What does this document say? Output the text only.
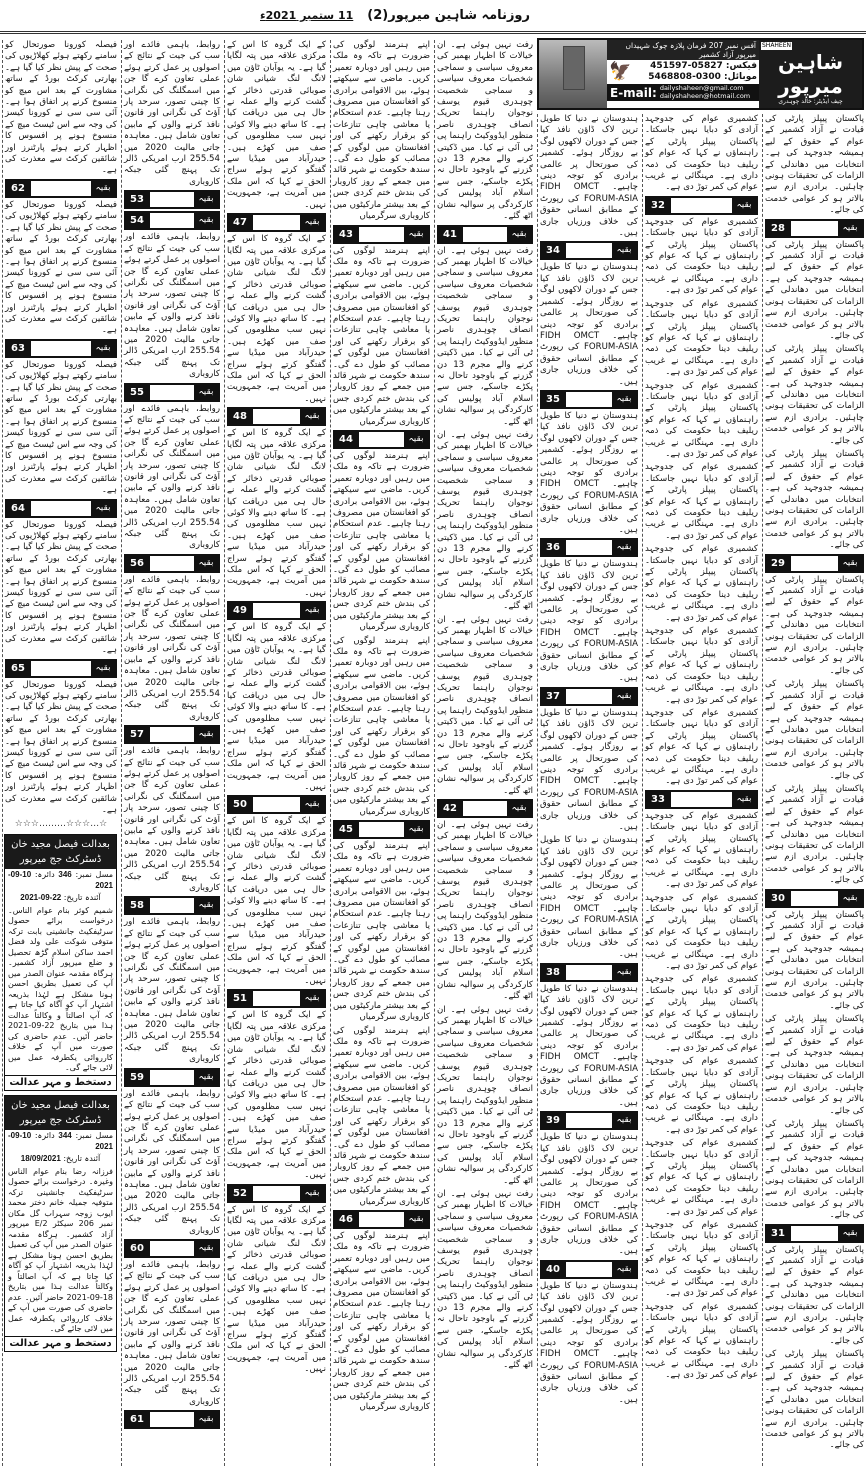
روزنامہ شاہین میرپور(2)
11 ستمبر 2021ء
آفس نمبر 207 فرمان پلازہ چوک شہیداں میرپور آزاد کشمیر
🦅	فیکس: 05827-451597
موبائل: 0300-5468808
E-mail: dailyshaheen@gmail.com
dailyshaheen@hotmail.com
SHAHEEN
شاہین میرپور
چیف ایڈیٹر: خالد چوہدری

فیصلہ کورونا صورتحال کو سامنے رکھتے ہوئے کھلاڑیوں کی صحت کے پیش نظر کیا گیا ہے۔ بھارتی کرکٹ بورڈ کے ساتھ مشاورت کے بعد اس میچ کو منسوخ کرنے پر اتفاق ہوا ہے۔ آئی سی سی نے کورونا کیسز کی وجہ سے اس ٹیسٹ میچ کے منسوخ ہونے پر افسوس کا اظہار کرتے ہوئے پارٹنرز اور شائقین کرکٹ سے معذرت کی ہے۔

62	بقیہ

فیصلہ کورونا صورتحال کو سامنے رکھتے ہوئے کھلاڑیوں کی صحت کے پیش نظر کیا گیا ہے۔ بھارتی کرکٹ بورڈ کے ساتھ مشاورت کے بعد اس میچ کو منسوخ کرنے پر اتفاق ہوا ہے۔ آئی سی سی نے کورونا کیسز کی وجہ سے اس ٹیسٹ میچ کے منسوخ ہونے پر افسوس کا اظہار کرتے ہوئے پارٹنرز اور شائقین کرکٹ سے معذرت کی ہے۔

63	بقیہ

فیصلہ کورونا صورتحال کو سامنے رکھتے ہوئے کھلاڑیوں کی صحت کے پیش نظر کیا گیا ہے۔ بھارتی کرکٹ بورڈ کے ساتھ مشاورت کے بعد اس میچ کو منسوخ کرنے پر اتفاق ہوا ہے۔ آئی سی سی نے کورونا کیسز کی وجہ سے اس ٹیسٹ میچ کے منسوخ ہونے پر افسوس کا اظہار کرتے ہوئے پارٹنرز اور شائقین کرکٹ سے معذرت کی ہے۔

64	بقیہ

فیصلہ کورونا صورتحال کو سامنے رکھتے ہوئے کھلاڑیوں کی صحت کے پیش نظر کیا گیا ہے۔ بھارتی کرکٹ بورڈ کے ساتھ مشاورت کے بعد اس میچ کو منسوخ کرنے پر اتفاق ہوا ہے۔ آئی سی سی نے کورونا کیسز کی وجہ سے اس ٹیسٹ میچ کے منسوخ ہونے پر افسوس کا اظہار کرتے ہوئے پارٹنرز اور شائقین کرکٹ سے معذرت کی ہے۔

65	بقیہ

فیصلہ کورونا صورتحال کو سامنے رکھتے ہوئے کھلاڑیوں کی صحت کے پیش نظر کیا گیا ہے۔ بھارتی کرکٹ بورڈ کے ساتھ مشاورت کے بعد اس میچ کو منسوخ کرنے پر اتفاق ہوا ہے۔ آئی سی سی نے کورونا کیسز کی وجہ سے اس ٹیسٹ میچ کے منسوخ ہونے پر افسوس کا اظہار کرتے ہوئے پارٹنرز اور شائقین کرکٹ سے معذرت کی ہے۔

☆…☆☆☆………☆☆☆
بعدالت فیصل مجید خان
ڈسٹرکٹ جج میرپور
مسل نمبر: 346 دائرہ: 10-09-2021
آئندہ تاریخ: 22-09-2021
شمیم کوثر بنام عوام الناس۔ درخواست برائے حصول سرٹیفکیٹ جانشینی بابت ترکہ متوفی شوکت علی ولد فضل احمد ساکن اسلام گڑھ تحصیل و ضلع میرپور آزاد کشمیر۔ ہرگاہ مقدمہ عنوان الصدر میں آپ کی تعمیل بطریق احسن ہونا مشکل ہے لہٰذا بذریعہ اشتہار آپ کو آگاہ کیا جاتا ہے کہ آپ اصالتاً و وکالتاً عدالت ہذا میں بتاریخ 22-09-2021 حاضر آئیں۔ عدم حاضری کی صورت میں آپ کے خلاف کارروائی یکطرفہ عمل میں لائی جائے گی۔
دستخط و مہر عدالت
بعدالت فیصل مجید خان
ڈسٹرکٹ جج میرپور
مسل نمبر: 344 دائرہ: 10-09-2021
آئندہ تاریخ: 18/09/2021
فرزانہ رضا بنام عوام الناس وغیرہ۔ درخواست برائے حصول سرٹیفکیٹ جانشینی ترکہ متوفیہ جمیلہ خانم دختر محمد ایوب زوجہ سہراب گل مکان نمبر 206 سیکٹر E/2 میرپور آزاد کشمیر۔ ہرگاہ مقدمہ عنوان الصدر میں آپ کی تعمیل بطریق احسن ہونا مشکل ہے لہٰذا بذریعہ اشتہار آپ کو آگاہ کیا جاتا ہے کہ آپ اصالتاً و وکالتاً عدالت ہذا میں بتاریخ 18-09-2021 حاضر آئیں۔ عدم حاضری کی صورت میں آپ کے خلاف کارروائی یکطرفہ عمل میں لائی جائے گی۔
دستخط و مہر عدالت

روابط، باہمی فائدے اور سب کی جیت کے نتائج کے اصولوں پر عمل کرتے ہوئے عملی تعاون کرے گا جن میں اسمگلنگ کی نگرانی کا چینی تصور، سرحد پار آؤٹ کی نگرانی اور قانون نافذ کرنے والوں کے مابین تعاون شامل ہیں۔ معاہدہ جاتی مالیت 2020 میں 255.54 ارب امریکی ڈالر تک پہنچ گئی جبکہ کاروباری

53	بقیہ
54	بقیہ

روابط، باہمی فائدے اور سب کی جیت کے نتائج کے اصولوں پر عمل کرتے ہوئے عملی تعاون کرے گا جن میں اسمگلنگ کی نگرانی کا چینی تصور، سرحد پار آؤٹ کی نگرانی اور قانون نافذ کرنے والوں کے مابین تعاون شامل ہیں۔ معاہدہ جاتی مالیت 2020 میں 255.54 ارب امریکی ڈالر تک پہنچ گئی جبکہ کاروباری

55	بقیہ

روابط، باہمی فائدے اور سب کی جیت کے نتائج کے اصولوں پر عمل کرتے ہوئے عملی تعاون کرے گا جن میں اسمگلنگ کی نگرانی کا چینی تصور، سرحد پار آؤٹ کی نگرانی اور قانون نافذ کرنے والوں کے مابین تعاون شامل ہیں۔ معاہدہ جاتی مالیت 2020 میں 255.54 ارب امریکی ڈالر تک پہنچ گئی جبکہ کاروباری

56	بقیہ

روابط، باہمی فائدے اور سب کی جیت کے نتائج کے اصولوں پر عمل کرتے ہوئے عملی تعاون کرے گا جن میں اسمگلنگ کی نگرانی کا چینی تصور، سرحد پار آؤٹ کی نگرانی اور قانون نافذ کرنے والوں کے مابین تعاون شامل ہیں۔ معاہدہ جاتی مالیت 2020 میں 255.54 ارب امریکی ڈالر تک پہنچ گئی جبکہ کاروباری

57	بقیہ

روابط، باہمی فائدے اور سب کی جیت کے نتائج کے اصولوں پر عمل کرتے ہوئے عملی تعاون کرے گا جن میں اسمگلنگ کی نگرانی کا چینی تصور، سرحد پار آؤٹ کی نگرانی اور قانون نافذ کرنے والوں کے مابین تعاون شامل ہیں۔ معاہدہ جاتی مالیت 2020 میں 255.54 ارب امریکی ڈالر تک پہنچ گئی جبکہ کاروباری

58	بقیہ

روابط، باہمی فائدے اور سب کی جیت کے نتائج کے اصولوں پر عمل کرتے ہوئے عملی تعاون کرے گا جن میں اسمگلنگ کی نگرانی کا چینی تصور، سرحد پار آؤٹ کی نگرانی اور قانون نافذ کرنے والوں کے مابین تعاون شامل ہیں۔ معاہدہ جاتی مالیت 2020 میں 255.54 ارب امریکی ڈالر تک پہنچ گئی جبکہ کاروباری

59	بقیہ

روابط، باہمی فائدے اور سب کی جیت کے نتائج کے اصولوں پر عمل کرتے ہوئے عملی تعاون کرے گا جن میں اسمگلنگ کی نگرانی کا چینی تصور، سرحد پار آؤٹ کی نگرانی اور قانون نافذ کرنے والوں کے مابین تعاون شامل ہیں۔ معاہدہ جاتی مالیت 2020 میں 255.54 ارب امریکی ڈالر تک پہنچ گئی جبکہ کاروباری

60	بقیہ

روابط، باہمی فائدے اور سب کی جیت کے نتائج کے اصولوں پر عمل کرتے ہوئے عملی تعاون کرے گا جن میں اسمگلنگ کی نگرانی کا چینی تصور، سرحد پار آؤٹ کی نگرانی اور قانون نافذ کرنے والوں کے مابین تعاون شامل ہیں۔ معاہدہ جاتی مالیت 2020 میں 255.54 ارب امریکی ڈالر تک پہنچ گئی جبکہ کاروباری

61	بقیہ

کے ایک گروہ کا اس کے مرکزی علاقہ میں پتہ لگایا گیا ہے۔ یہ یوآبان ٹاؤن میں لانگ لنگ شیانی شان صوبائی قدرتی ذخائر کے گشت کرنے والے عملہ نے حال ہی میں دریافت کیا ہے۔ کا ساتھ دینے والا کوئی نہیں سب مظلوموں کی صف میں کھڑے ہیں۔ حیدرآباد میں میڈیا سے گفتگو کرتے ہوئے سراج الحق نے کہا کہ اس ملک میں آمریت ہے، جمہوریت نہیں۔

47	بقیہ

کے ایک گروہ کا اس کے مرکزی علاقہ میں پتہ لگایا گیا ہے۔ یہ یوآبان ٹاؤن میں لانگ لنگ شیانی شان صوبائی قدرتی ذخائر کے گشت کرنے والے عملہ نے حال ہی میں دریافت کیا ہے۔ کا ساتھ دینے والا کوئی نہیں سب مظلوموں کی صف میں کھڑے ہیں۔ حیدرآباد میں میڈیا سے گفتگو کرتے ہوئے سراج الحق نے کہا کہ اس ملک میں آمریت ہے، جمہوریت نہیں۔

48	بقیہ

کے ایک گروہ کا اس کے مرکزی علاقہ میں پتہ لگایا گیا ہے۔ یہ یوآبان ٹاؤن میں لانگ لنگ شیانی شان صوبائی قدرتی ذخائر کے گشت کرنے والے عملہ نے حال ہی میں دریافت کیا ہے۔ کا ساتھ دینے والا کوئی نہیں سب مظلوموں کی صف میں کھڑے ہیں۔ حیدرآباد میں میڈیا سے گفتگو کرتے ہوئے سراج الحق نے کہا کہ اس ملک میں آمریت ہے، جمہوریت نہیں۔

49	بقیہ

کے ایک گروہ کا اس کے مرکزی علاقہ میں پتہ لگایا گیا ہے۔ یہ یوآبان ٹاؤن میں لانگ لنگ شیانی شان صوبائی قدرتی ذخائر کے گشت کرنے والے عملہ نے حال ہی میں دریافت کیا ہے۔ کا ساتھ دینے والا کوئی نہیں سب مظلوموں کی صف میں کھڑے ہیں۔ حیدرآباد میں میڈیا سے گفتگو کرتے ہوئے سراج الحق نے کہا کہ اس ملک میں آمریت ہے، جمہوریت نہیں۔

50	بقیہ

کے ایک گروہ کا اس کے مرکزی علاقہ میں پتہ لگایا گیا ہے۔ یہ یوآبان ٹاؤن میں لانگ لنگ شیانی شان صوبائی قدرتی ذخائر کے گشت کرنے والے عملہ نے حال ہی میں دریافت کیا ہے۔ کا ساتھ دینے والا کوئی نہیں سب مظلوموں کی صف میں کھڑے ہیں۔ حیدرآباد میں میڈیا سے گفتگو کرتے ہوئے سراج الحق نے کہا کہ اس ملک میں آمریت ہے، جمہوریت نہیں۔

51	بقیہ

کے ایک گروہ کا اس کے مرکزی علاقہ میں پتہ لگایا گیا ہے۔ یہ یوآبان ٹاؤن میں لانگ لنگ شیانی شان صوبائی قدرتی ذخائر کے گشت کرنے والے عملہ نے حال ہی میں دریافت کیا ہے۔ کا ساتھ دینے والا کوئی نہیں سب مظلوموں کی صف میں کھڑے ہیں۔ حیدرآباد میں میڈیا سے گفتگو کرتے ہوئے سراج الحق نے کہا کہ اس ملک میں آمریت ہے، جمہوریت نہیں۔

52	بقیہ

کے ایک گروہ کا اس کے مرکزی علاقہ میں پتہ لگایا گیا ہے۔ یہ یوآبان ٹاؤن میں لانگ لنگ شیانی شان صوبائی قدرتی ذخائر کے گشت کرنے والے عملہ نے حال ہی میں دریافت کیا ہے۔ کا ساتھ دینے والا کوئی نہیں سب مظلوموں کی صف میں کھڑے ہیں۔ حیدرآباد میں میڈیا سے گفتگو کرتے ہوئے سراج الحق نے کہا کہ اس ملک میں آمریت ہے، جمہوریت نہیں۔

اپنے ہنرمند لوگوں کی ضرورت ہے تاکہ وہ ملک میں رہیں اور دوبارہ تعمیر کریں۔ ماضی سے سیکھتے ہوئے، بین الاقوامی برادری کو افغانستان میں مصروف رہنا چاہیے۔ عدم استحکام یا معاشی چاہی تنازعات کو برقرار رکھنے کی اور افغانستان میں لوگوں کے مصائب کو طول دے گی۔ سندھ حکومت نے شہر قائد میں جمعے کے روز کاروبار کی بندش ختم کردی جس کے بعد بیشتر مارکیٹوں میں کاروباری سرگرمیاں

43	بقیہ

اپنے ہنرمند لوگوں کی ضرورت ہے تاکہ وہ ملک میں رہیں اور دوبارہ تعمیر کریں۔ ماضی سے سیکھتے ہوئے، بین الاقوامی برادری کو افغانستان میں مصروف رہنا چاہیے۔ عدم استحکام یا معاشی چاہی تنازعات کو برقرار رکھنے کی اور افغانستان میں لوگوں کے مصائب کو طول دے گی۔ سندھ حکومت نے شہر قائد میں جمعے کے روز کاروبار کی بندش ختم کردی جس کے بعد بیشتر مارکیٹوں میں کاروباری سرگرمیاں

44	بقیہ

اپنے ہنرمند لوگوں کی ضرورت ہے تاکہ وہ ملک میں رہیں اور دوبارہ تعمیر کریں۔ ماضی سے سیکھتے ہوئے، بین الاقوامی برادری کو افغانستان میں مصروف رہنا چاہیے۔ عدم استحکام یا معاشی چاہی تنازعات کو برقرار رکھنے کی اور افغانستان میں لوگوں کے مصائب کو طول دے گی۔ سندھ حکومت نے شہر قائد میں جمعے کے روز کاروبار کی بندش ختم کردی جس کے بعد بیشتر مارکیٹوں میں کاروباری سرگرمیاں

اپنے ہنرمند لوگوں کی ضرورت ہے تاکہ وہ ملک میں رہیں اور دوبارہ تعمیر کریں۔ ماضی سے سیکھتے ہوئے، بین الاقوامی برادری کو افغانستان میں مصروف رہنا چاہیے۔ عدم استحکام یا معاشی چاہی تنازعات کو برقرار رکھنے کی اور افغانستان میں لوگوں کے مصائب کو طول دے گی۔ سندھ حکومت نے شہر قائد میں جمعے کے روز کاروبار کی بندش ختم کردی جس کے بعد بیشتر مارکیٹوں میں کاروباری سرگرمیاں

45	بقیہ

اپنے ہنرمند لوگوں کی ضرورت ہے تاکہ وہ ملک میں رہیں اور دوبارہ تعمیر کریں۔ ماضی سے سیکھتے ہوئے، بین الاقوامی برادری کو افغانستان میں مصروف رہنا چاہیے۔ عدم استحکام یا معاشی چاہی تنازعات کو برقرار رکھنے کی اور افغانستان میں لوگوں کے مصائب کو طول دے گی۔ سندھ حکومت نے شہر قائد میں جمعے کے روز کاروبار کی بندش ختم کردی جس کے بعد بیشتر مارکیٹوں میں کاروباری سرگرمیاں

اپنے ہنرمند لوگوں کی ضرورت ہے تاکہ وہ ملک میں رہیں اور دوبارہ تعمیر کریں۔ ماضی سے سیکھتے ہوئے، بین الاقوامی برادری کو افغانستان میں مصروف رہنا چاہیے۔ عدم استحکام یا معاشی چاہی تنازعات کو برقرار رکھنے کی اور افغانستان میں لوگوں کے مصائب کو طول دے گی۔ سندھ حکومت نے شہر قائد میں جمعے کے روز کاروبار کی بندش ختم کردی جس کے بعد بیشتر مارکیٹوں میں کاروباری سرگرمیاں

46	بقیہ

اپنے ہنرمند لوگوں کی ضرورت ہے تاکہ وہ ملک میں رہیں اور دوبارہ تعمیر کریں۔ ماضی سے سیکھتے ہوئے، بین الاقوامی برادری کو افغانستان میں مصروف رہنا چاہیے۔ عدم استحکام یا معاشی چاہی تنازعات کو برقرار رکھنے کی اور افغانستان میں لوگوں کے مصائب کو طول دے گی۔ سندھ حکومت نے شہر قائد میں جمعے کے روز کاروبار کی بندش ختم کردی جس کے بعد بیشتر مارکیٹوں میں کاروباری سرگرمیاں

رفت نہیں ہوئی ہے۔ ان خیالات کا اظہار بھمبر کی معروف سیاسی و سماجی شخصیات معروف سیاسی و سماجی شخصیت چوہدری قیوم یوسف نوجوان راہنما تحریک انصاف چوہدری ناصر منظور ایڈووکیٹ راہنما پی ٹی آئی نے کیا۔ میں ڈکیتی کرنے والے مجرم 13 دن گزرنے کے باوجود تاحال نہ پکڑے جاسکے، جس سے اسلام آباد پولیس کی کارکردگی پر سوالیہ نشان اٹھ گئے۔

41	بقیہ

رفت نہیں ہوئی ہے۔ ان خیالات کا اظہار بھمبر کی معروف سیاسی و سماجی شخصیات معروف سیاسی و سماجی شخصیت چوہدری قیوم یوسف نوجوان راہنما تحریک انصاف چوہدری ناصر منظور ایڈووکیٹ راہنما پی ٹی آئی نے کیا۔ میں ڈکیتی کرنے والے مجرم 13 دن گزرنے کے باوجود تاحال نہ پکڑے جاسکے، جس سے اسلام آباد پولیس کی کارکردگی پر سوالیہ نشان اٹھ گئے۔

رفت نہیں ہوئی ہے۔ ان خیالات کا اظہار بھمبر کی معروف سیاسی و سماجی شخصیات معروف سیاسی و سماجی شخصیت چوہدری قیوم یوسف نوجوان راہنما تحریک انصاف چوہدری ناصر منظور ایڈووکیٹ راہنما پی ٹی آئی نے کیا۔ میں ڈکیتی کرنے والے مجرم 13 دن گزرنے کے باوجود تاحال نہ پکڑے جاسکے، جس سے اسلام آباد پولیس کی کارکردگی پر سوالیہ نشان اٹھ گئے۔

رفت نہیں ہوئی ہے۔ ان خیالات کا اظہار بھمبر کی معروف سیاسی و سماجی شخصیات معروف سیاسی و سماجی شخصیت چوہدری قیوم یوسف نوجوان راہنما تحریک انصاف چوہدری ناصر منظور ایڈووکیٹ راہنما پی ٹی آئی نے کیا۔ میں ڈکیتی کرنے والے مجرم 13 دن گزرنے کے باوجود تاحال نہ پکڑے جاسکے، جس سے اسلام آباد پولیس کی کارکردگی پر سوالیہ نشان اٹھ گئے۔

42	بقیہ

رفت نہیں ہوئی ہے۔ ان خیالات کا اظہار بھمبر کی معروف سیاسی و سماجی شخصیات معروف سیاسی و سماجی شخصیت چوہدری قیوم یوسف نوجوان راہنما تحریک انصاف چوہدری ناصر منظور ایڈووکیٹ راہنما پی ٹی آئی نے کیا۔ میں ڈکیتی کرنے والے مجرم 13 دن گزرنے کے باوجود تاحال نہ پکڑے جاسکے، جس سے اسلام آباد پولیس کی کارکردگی پر سوالیہ نشان اٹھ گئے۔

رفت نہیں ہوئی ہے۔ ان خیالات کا اظہار بھمبر کی معروف سیاسی و سماجی شخصیات معروف سیاسی و سماجی شخصیت چوہدری قیوم یوسف نوجوان راہنما تحریک انصاف چوہدری ناصر منظور ایڈووکیٹ راہنما پی ٹی آئی نے کیا۔ میں ڈکیتی کرنے والے مجرم 13 دن گزرنے کے باوجود تاحال نہ پکڑے جاسکے، جس سے اسلام آباد پولیس کی کارکردگی پر سوالیہ نشان اٹھ گئے۔

رفت نہیں ہوئی ہے۔ ان خیالات کا اظہار بھمبر کی معروف سیاسی و سماجی شخصیات معروف سیاسی و سماجی شخصیت چوہدری قیوم یوسف نوجوان راہنما تحریک انصاف چوہدری ناصر منظور ایڈووکیٹ راہنما پی ٹی آئی نے کیا۔ میں ڈکیتی کرنے والے مجرم 13 دن گزرنے کے باوجود تاحال نہ پکڑے جاسکے، جس سے اسلام آباد پولیس کی کارکردگی پر سوالیہ نشان اٹھ گئے۔

ہندوستان نے دنیا کا طویل ترین لاک ڈاؤن نافذ کیا جس کے دوران لاکھوں لوگ بے روزگار ہوئے۔ کشمیر کی صورتحال پر عالمی برادری کو توجہ دینی چاہیے۔ FIDH OMCT FORUM-ASIA کی رپورٹ کے مطابق انسانی حقوق کی خلاف ورزیاں جاری ہیں۔

34	بقیہ

ہندوستان نے دنیا کا طویل ترین لاک ڈاؤن نافذ کیا جس کے دوران لاکھوں لوگ بے روزگار ہوئے۔ کشمیر کی صورتحال پر عالمی برادری کو توجہ دینی چاہیے۔ FIDH OMCT FORUM-ASIA کی رپورٹ کے مطابق انسانی حقوق کی خلاف ورزیاں جاری ہیں۔

35	بقیہ

ہندوستان نے دنیا کا طویل ترین لاک ڈاؤن نافذ کیا جس کے دوران لاکھوں لوگ بے روزگار ہوئے۔ کشمیر کی صورتحال پر عالمی برادری کو توجہ دینی چاہیے۔ FIDH OMCT FORUM-ASIA کی رپورٹ کے مطابق انسانی حقوق کی خلاف ورزیاں جاری ہیں۔

36	بقیہ

ہندوستان نے دنیا کا طویل ترین لاک ڈاؤن نافذ کیا جس کے دوران لاکھوں لوگ بے روزگار ہوئے۔ کشمیر کی صورتحال پر عالمی برادری کو توجہ دینی چاہیے۔ FIDH OMCT FORUM-ASIA کی رپورٹ کے مطابق انسانی حقوق کی خلاف ورزیاں جاری ہیں۔

37	بقیہ

ہندوستان نے دنیا کا طویل ترین لاک ڈاؤن نافذ کیا جس کے دوران لاکھوں لوگ بے روزگار ہوئے۔ کشمیر کی صورتحال پر عالمی برادری کو توجہ دینی چاہیے۔ FIDH OMCT FORUM-ASIA کی رپورٹ کے مطابق انسانی حقوق کی خلاف ورزیاں جاری ہیں۔

ہندوستان نے دنیا کا طویل ترین لاک ڈاؤن نافذ کیا جس کے دوران لاکھوں لوگ بے روزگار ہوئے۔ کشمیر کی صورتحال پر عالمی برادری کو توجہ دینی چاہیے۔ FIDH OMCT FORUM-ASIA کی رپورٹ کے مطابق انسانی حقوق کی خلاف ورزیاں جاری ہیں۔

38	بقیہ

ہندوستان نے دنیا کا طویل ترین لاک ڈاؤن نافذ کیا جس کے دوران لاکھوں لوگ بے روزگار ہوئے۔ کشمیر کی صورتحال پر عالمی برادری کو توجہ دینی چاہیے۔ FIDH OMCT FORUM-ASIA کی رپورٹ کے مطابق انسانی حقوق کی خلاف ورزیاں جاری ہیں۔

39	بقیہ

ہندوستان نے دنیا کا طویل ترین لاک ڈاؤن نافذ کیا جس کے دوران لاکھوں لوگ بے روزگار ہوئے۔ کشمیر کی صورتحال پر عالمی برادری کو توجہ دینی چاہیے۔ FIDH OMCT FORUM-ASIA کی رپورٹ کے مطابق انسانی حقوق کی خلاف ورزیاں جاری ہیں۔

40	بقیہ

ہندوستان نے دنیا کا طویل ترین لاک ڈاؤن نافذ کیا جس کے دوران لاکھوں لوگ بے روزگار ہوئے۔ کشمیر کی صورتحال پر عالمی برادری کو توجہ دینی چاہیے۔ FIDH OMCT FORUM-ASIA کی رپورٹ کے مطابق انسانی حقوق کی خلاف ورزیاں جاری ہیں۔

کشمیری عوام کی جدوجہد آزادی کو دبایا نہیں جاسکتا۔ پاکستان پیپلز پارٹی کے راہنماؤں نے کہا کہ عوام کو ریلیف دینا حکومت کی ذمہ داری ہے۔ مہنگائی نے غریب عوام کی کمر توڑ دی ہے۔

32	بقیہ

کشمیری عوام کی جدوجہد آزادی کو دبایا نہیں جاسکتا۔ پاکستان پیپلز پارٹی کے راہنماؤں نے کہا کہ عوام کو ریلیف دینا حکومت کی ذمہ داری ہے۔ مہنگائی نے غریب عوام کی کمر توڑ دی ہے۔

کشمیری عوام کی جدوجہد آزادی کو دبایا نہیں جاسکتا۔ پاکستان پیپلز پارٹی کے راہنماؤں نے کہا کہ عوام کو ریلیف دینا حکومت کی ذمہ داری ہے۔ مہنگائی نے غریب عوام کی کمر توڑ دی ہے۔

کشمیری عوام کی جدوجہد آزادی کو دبایا نہیں جاسکتا۔ پاکستان پیپلز پارٹی کے راہنماؤں نے کہا کہ عوام کو ریلیف دینا حکومت کی ذمہ داری ہے۔ مہنگائی نے غریب عوام کی کمر توڑ دی ہے۔

کشمیری عوام کی جدوجہد آزادی کو دبایا نہیں جاسکتا۔ پاکستان پیپلز پارٹی کے راہنماؤں نے کہا کہ عوام کو ریلیف دینا حکومت کی ذمہ داری ہے۔ مہنگائی نے غریب عوام کی کمر توڑ دی ہے۔

کشمیری عوام کی جدوجہد آزادی کو دبایا نہیں جاسکتا۔ پاکستان پیپلز پارٹی کے راہنماؤں نے کہا کہ عوام کو ریلیف دینا حکومت کی ذمہ داری ہے۔ مہنگائی نے غریب عوام کی کمر توڑ دی ہے۔

کشمیری عوام کی جدوجہد آزادی کو دبایا نہیں جاسکتا۔ پاکستان پیپلز پارٹی کے راہنماؤں نے کہا کہ عوام کو ریلیف دینا حکومت کی ذمہ داری ہے۔ مہنگائی نے غریب عوام کی کمر توڑ دی ہے۔

کشمیری عوام کی جدوجہد آزادی کو دبایا نہیں جاسکتا۔ پاکستان پیپلز پارٹی کے راہنماؤں نے کہا کہ عوام کو ریلیف دینا حکومت کی ذمہ داری ہے۔ مہنگائی نے غریب عوام کی کمر توڑ دی ہے۔

33	بقیہ

کشمیری عوام کی جدوجہد آزادی کو دبایا نہیں جاسکتا۔ پاکستان پیپلز پارٹی کے راہنماؤں نے کہا کہ عوام کو ریلیف دینا حکومت کی ذمہ داری ہے۔ مہنگائی نے غریب عوام کی کمر توڑ دی ہے۔

کشمیری عوام کی جدوجہد آزادی کو دبایا نہیں جاسکتا۔ پاکستان پیپلز پارٹی کے راہنماؤں نے کہا کہ عوام کو ریلیف دینا حکومت کی ذمہ داری ہے۔ مہنگائی نے غریب عوام کی کمر توڑ دی ہے۔

کشمیری عوام کی جدوجہد آزادی کو دبایا نہیں جاسکتا۔ پاکستان پیپلز پارٹی کے راہنماؤں نے کہا کہ عوام کو ریلیف دینا حکومت کی ذمہ داری ہے۔ مہنگائی نے غریب عوام کی کمر توڑ دی ہے۔

کشمیری عوام کی جدوجہد آزادی کو دبایا نہیں جاسکتا۔ پاکستان پیپلز پارٹی کے راہنماؤں نے کہا کہ عوام کو ریلیف دینا حکومت کی ذمہ داری ہے۔ مہنگائی نے غریب عوام کی کمر توڑ دی ہے۔

کشمیری عوام کی جدوجہد آزادی کو دبایا نہیں جاسکتا۔ پاکستان پیپلز پارٹی کے راہنماؤں نے کہا کہ عوام کو ریلیف دینا حکومت کی ذمہ داری ہے۔ مہنگائی نے غریب عوام کی کمر توڑ دی ہے۔

کشمیری عوام کی جدوجہد آزادی کو دبایا نہیں جاسکتا۔ پاکستان پیپلز پارٹی کے راہنماؤں نے کہا کہ عوام کو ریلیف دینا حکومت کی ذمہ داری ہے۔ مہنگائی نے غریب عوام کی کمر توڑ دی ہے۔

کشمیری عوام کی جدوجہد آزادی کو دبایا نہیں جاسکتا۔ پاکستان پیپلز پارٹی کے راہنماؤں نے کہا کہ عوام کو ریلیف دینا حکومت کی ذمہ داری ہے۔ مہنگائی نے غریب عوام کی کمر توڑ دی ہے۔

پاکستان پیپلز پارٹی کی قیادت نے آزاد کشمیر کے عوام کے حقوق کے لیے ہمیشہ جدوجہد کی ہے۔ انتخابات میں دھاندلی کے الزامات کی تحقیقات ہونی چاہئیں۔ برادری ازم سے بالاتر ہو کر عوامی خدمت کی جائے۔

28	بقیہ

پاکستان پیپلز پارٹی کی قیادت نے آزاد کشمیر کے عوام کے حقوق کے لیے ہمیشہ جدوجہد کی ہے۔ انتخابات میں دھاندلی کے الزامات کی تحقیقات ہونی چاہئیں۔ برادری ازم سے بالاتر ہو کر عوامی خدمت کی جائے۔

پاکستان پیپلز پارٹی کی قیادت نے آزاد کشمیر کے عوام کے حقوق کے لیے ہمیشہ جدوجہد کی ہے۔ انتخابات میں دھاندلی کے الزامات کی تحقیقات ہونی چاہئیں۔ برادری ازم سے بالاتر ہو کر عوامی خدمت کی جائے۔

پاکستان پیپلز پارٹی کی قیادت نے آزاد کشمیر کے عوام کے حقوق کے لیے ہمیشہ جدوجہد کی ہے۔ انتخابات میں دھاندلی کے الزامات کی تحقیقات ہونی چاہئیں۔ برادری ازم سے بالاتر ہو کر عوامی خدمت کی جائے۔

29	بقیہ

پاکستان پیپلز پارٹی کی قیادت نے آزاد کشمیر کے عوام کے حقوق کے لیے ہمیشہ جدوجہد کی ہے۔ انتخابات میں دھاندلی کے الزامات کی تحقیقات ہونی چاہئیں۔ برادری ازم سے بالاتر ہو کر عوامی خدمت کی جائے۔

پاکستان پیپلز پارٹی کی قیادت نے آزاد کشمیر کے عوام کے حقوق کے لیے ہمیشہ جدوجہد کی ہے۔ انتخابات میں دھاندلی کے الزامات کی تحقیقات ہونی چاہئیں۔ برادری ازم سے بالاتر ہو کر عوامی خدمت کی جائے۔

پاکستان پیپلز پارٹی کی قیادت نے آزاد کشمیر کے عوام کے حقوق کے لیے ہمیشہ جدوجہد کی ہے۔ انتخابات میں دھاندلی کے الزامات کی تحقیقات ہونی چاہئیں۔ برادری ازم سے بالاتر ہو کر عوامی خدمت کی جائے۔

30	بقیہ

پاکستان پیپلز پارٹی کی قیادت نے آزاد کشمیر کے عوام کے حقوق کے لیے ہمیشہ جدوجہد کی ہے۔ انتخابات میں دھاندلی کے الزامات کی تحقیقات ہونی چاہئیں۔ برادری ازم سے بالاتر ہو کر عوامی خدمت کی جائے۔

پاکستان پیپلز پارٹی کی قیادت نے آزاد کشمیر کے عوام کے حقوق کے لیے ہمیشہ جدوجہد کی ہے۔ انتخابات میں دھاندلی کے الزامات کی تحقیقات ہونی چاہئیں۔ برادری ازم سے بالاتر ہو کر عوامی خدمت کی جائے۔

پاکستان پیپلز پارٹی کی قیادت نے آزاد کشمیر کے عوام کے حقوق کے لیے ہمیشہ جدوجہد کی ہے۔ انتخابات میں دھاندلی کے الزامات کی تحقیقات ہونی چاہئیں۔ برادری ازم سے بالاتر ہو کر عوامی خدمت کی جائے۔

31	بقیہ

پاکستان پیپلز پارٹی کی قیادت نے آزاد کشمیر کے عوام کے حقوق کے لیے ہمیشہ جدوجہد کی ہے۔ انتخابات میں دھاندلی کے الزامات کی تحقیقات ہونی چاہئیں۔ برادری ازم سے بالاتر ہو کر عوامی خدمت کی جائے۔

پاکستان پیپلز پارٹی کی قیادت نے آزاد کشمیر کے عوام کے حقوق کے لیے ہمیشہ جدوجہد کی ہے۔ انتخابات میں دھاندلی کے الزامات کی تحقیقات ہونی چاہئیں۔ برادری ازم سے بالاتر ہو کر عوامی خدمت کی جائے۔
